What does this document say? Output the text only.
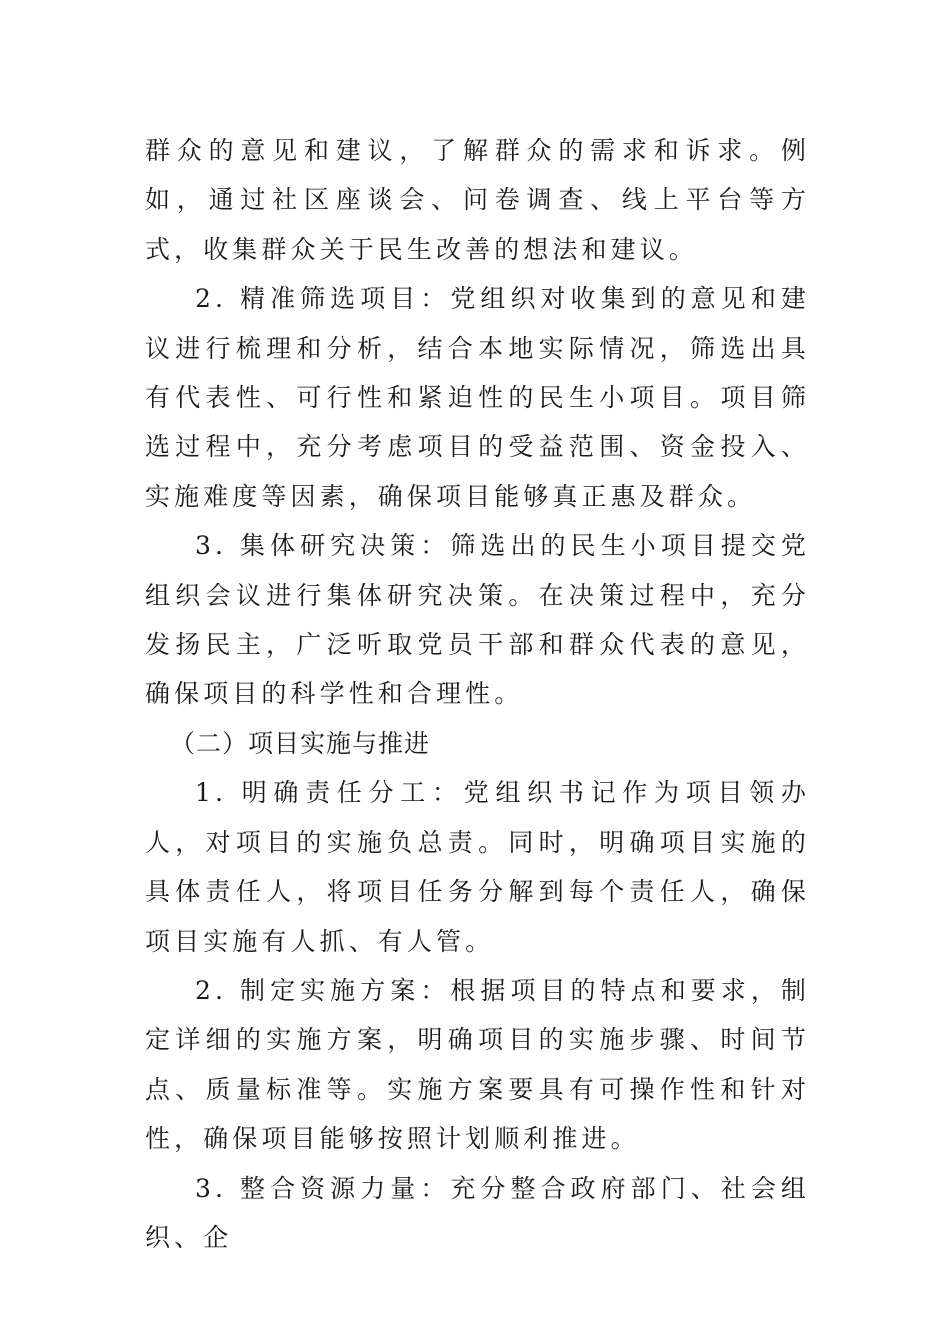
群众的意见和建议，了解群众的需求和诉求。例如，通过社区座谈会、问卷调查、线上平台等方式，收集群众关于民生改善的想法和建议。

2. 精准筛选项目：党组织对收集到的意见和建议进行梳理和分析，结合本地实际情况，筛选出具有代表性、可行性和紧迫性的民生小项目。项目筛选过程中，充分考虑项目的受益范围、资金投入、实施难度等因素，确保项目能够真正惠及群众。

3. 集体研究决策：筛选出的民生小项目提交党组织会议进行集体研究决策。在决策过程中，充分发扬民主，广泛听取党员干部和群众代表的意见，确保项目的科学性和合理性。

（二）项目实施与推进

1. 明确责任分工：党组织书记作为项目领办人，对项目的实施负总责。同时，明确项目实施的具体责任人，将项目任务分解到每个责任人，确保项目实施有人抓、有人管。

2. 制定实施方案：根据项目的特点和要求，制定详细的实施方案，明确项目的实施步骤、时间节点、质量标准等。实施方案要具有可操作性和针对性，确保项目能够按照计划顺利推进。

3. 整合资源力量：充分整合政府部门、社会组织、企
